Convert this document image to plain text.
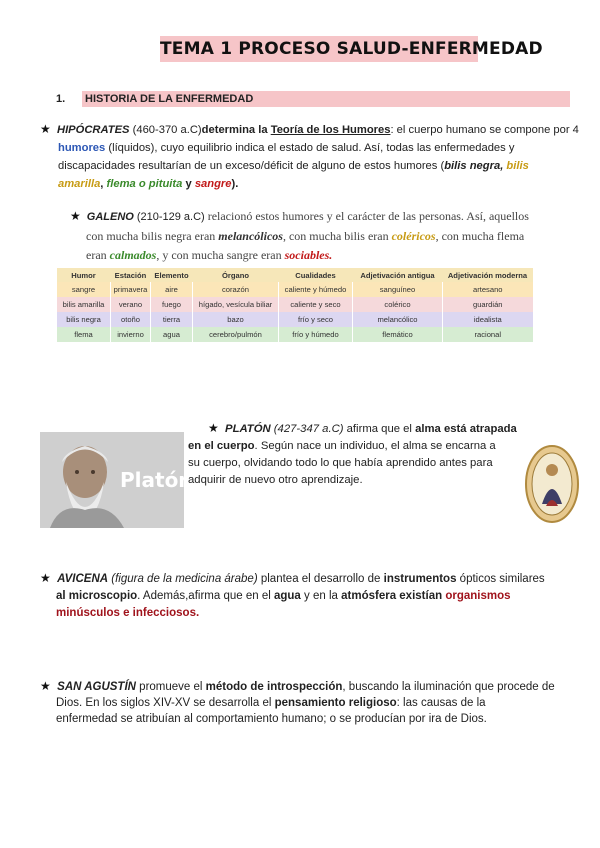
TEMA 1 PROCESO SALUD-ENFERMEDAD
1. HISTORIA DE LA ENFERMEDAD
★ HIPÓCRATES (460-370 a.C)determina la Teoría de los Humores: el cuerpo humano se compone por 4
humores (líquidos), cuyo equilibrio indica el estado de salud. Así, todas las enfermedades y
discapacidades resultarían de un exceso/déficit de alguno de estos humores (bilis negra, bilis
amarilla, flema o pituita y sangre).
★ GALENO (210-129 a.C) relacionó estos humores y el carácter de las personas. Así, aquellos
con mucha bilis negra eran melancólicos, con mucha bilis eran coléricos, con mucha flema
eran calmados, y con mucha sangre eran sociables.
Humor	Estación	Elemento	Órgano	Cualidades	Adjetivación antigua	Adjetivación moderna
sangre	primavera	aire	corazón	caliente y húmedo	sanguíneo	artesano
bilis amarilla	verano	fuego	hígado, vesícula biliar	caliente y seco	colérico	guardián
bilis negra	otoño	tierra	bazo	frío y seco	melancólico	idealista
flema	invierno	agua	cerebro/pulmón	frío y húmedo	flemático	racional
Platón
★ PLATÓN (427-347 a.C) afirma que el alma está atrapada
en el cuerpo. Según nace un individuo, el alma se encarna a
su cuerpo, olvidando todo lo que había aprendido antes para
adquirir de nuevo otro aprendizaje.
★ AVICENA (figura de la medicina árabe) plantea el desarrollo de instrumentos ópticos similares
al microscopio. Además,afirma que en el agua y en la atmósfera existían organismos
minúsculos e infecciosos.
★ SAN AGUSTÍN promueve el método de introspección, buscando la iluminación que procede de
Dios. En los siglos XIV-XV se desarrolla el pensamiento religioso: las causas de la
enfermedad se atribuían al comportamiento humano; o se producían por ira de Dios.
